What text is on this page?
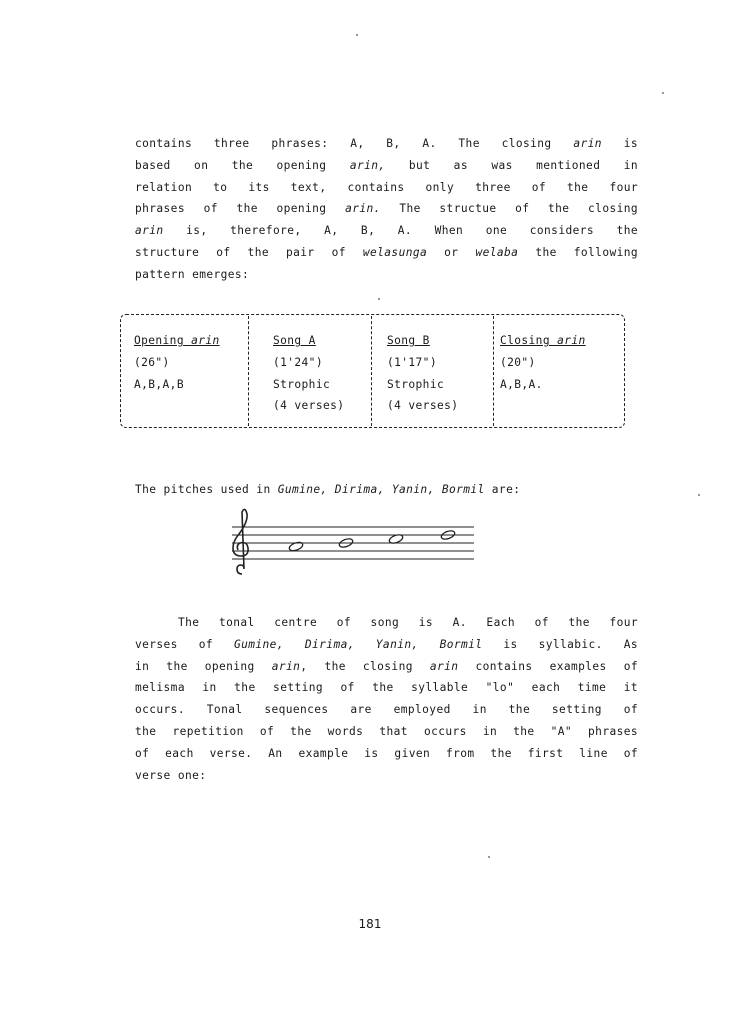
contains three phrases: A, B, A. The closing arin is
based on the opening arin, but as was mentioned in
relation to its text, contains only three of the four
phrases of the opening arin. The structue of the closing
arin is, therefore, A, B, A. When one considers the
structure of the pair of welasunga or welaba the following
pattern emerges:
Opening arin
(26")
A,B,A,B
Song A
(1'24")
Strophic
(4 verses)
Song B
(1'17")
Strophic
(4 verses)
Closing arin
(20")
A,B,A.
The pitches used in Gumine, Dirima, Yanin, Bormil are:
The tonal centre of song is A. Each of the four
verses of Gumine, Dirima, Yanin, Bormil is syllabic. As
in the opening arin, the closing arin contains examples of
melisma in the setting of the syllable "lo" each time it
occurs. Tonal sequences are employed in the setting of
the repetition of the words that occurs in the "A" phrases
of each verse. An example is given from the first line of
verse one:
181
